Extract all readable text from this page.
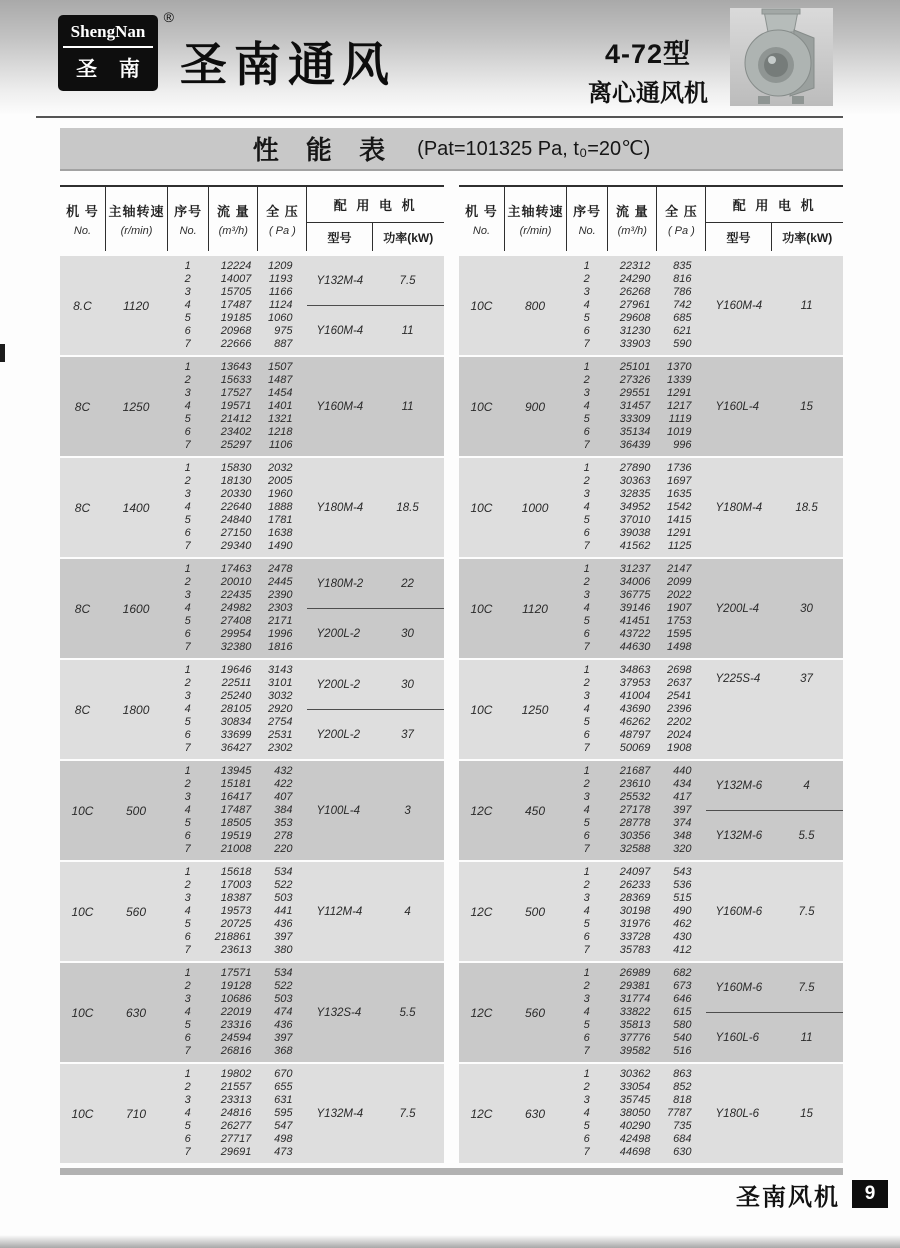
ShengNan
圣 南
®
圣南通风	4-72型
离心通风机
性 能 表 (Pat=101325 Pa, t₀=20℃)
机 号
No.
主轴转速
(r/min)
序号
No.
流 量
(m³/h)
全 压
( Pa )
配 用 电 机
型号	功率(kW)
8.C	1120
1	12224	1209
2	14007	1193
3	15705	1166
4	17487	1124
5	19185	1060
6	20968	975
7	22666	887
Y132M-4	7.5
Y160M-4	11
8C	1250
1	13643	1507
2	15633	1487
3	17527	1454
4	19571	1401
5	21412	1321
6	23402	1218
7	25297	1106
Y160M-4	11
8C	1400
1	15830	2032
2	18130	2005
3	20330	1960
4	22640	1888
5	24840	1781
6	27150	1638
7	29340	1490
Y180M-4	18.5
8C	1600
1	17463	2478
2	20010	2445
3	22435	2390
4	24982	2303
5	27408	2171
6	29954	1996
7	32380	1816
Y180M-2	22
Y200L-2	30
8C	1800
1	19646	3143
2	22511	3101
3	25240	3032
4	28105	2920
5	30834	2754
6	33699	2531
7	36427	2302
Y200L-2	30
Y200L-2	37
10C	500
1	13945	432
2	15181	422
3	16417	407
4	17487	384
5	18505	353
6	19519	278
7	21008	220
Y100L-4	3
10C	560
1	15618	534
2	17003	522
3	18387	503
4	19573	441
5	20725	436
6	218861	397
7	23613	380
Y112M-4	4
10C	630
1	17571	534
2	19128	522
3	10686	503
4	22019	474
5	23316	436
6	24594	397
7	26816	368
Y132S-4	5.5
10C	710
1	19802	670
2	21557	655
3	23313	631
4	24816	595
5	26277	547
6	27717	498
7	29691	473
Y132M-4	7.5
机 号
No.
主轴转速
(r/min)
序号
No.
流 量
(m³/h)
全 压
( Pa )
配 用 电 机
型号	功率(kW)
10C	800
1	22312	835
2	24290	816
3	26268	786
4	27961	742
5	29608	685
6	31230	621
7	33903	590
Y160M-4	11
10C	900
1	25101	1370
2	27326	1339
3	29551	1291
4	31457	1217
5	33309	1119
6	35134	1019
7	36439	996
Y160L-4	15
10C	1000
1	27890	1736
2	30363	1697
3	32835	1635
4	34952	1542
5	37010	1415
6	39038	1291
7	41562	1125
Y180M-4	18.5
10C	1120
1	31237	2147
2	34006	2099
3	36775	2022
4	39146	1907
5	41451	1753
6	43722	1595
7	44630	1498
Y200L-4	30
10C	1250
1	34863	2698
2	37953	2637
3	41004	2541
4	43690	2396
5	46262	2202
6	48797	2024
7	50069	1908
Y225S-4	37
12C	450
1	21687	440
2	23610	434
3	25532	417
4	27178	397
5	28778	374
6	30356	348
7	32588	320
Y132M-6	4
Y132M-6	5.5
12C	500
1	24097	543
2	26233	536
3	28369	515
4	30198	490
5	31976	462
6	33728	430
7	35783	412
Y160M-6	7.5
12C	560
1	26989	682
2	29381	673
3	31774	646
4	33822	615
5	35813	580
6	37776	540
7	39582	516
Y160M-6	7.5
Y160L-6	11
12C	630
1	30362	863
2	33054	852
3	35745	818
4	38050	7787
5	40290	735
6	42498	684
7	44698	630
Y180L-6	15
圣南风机	9
